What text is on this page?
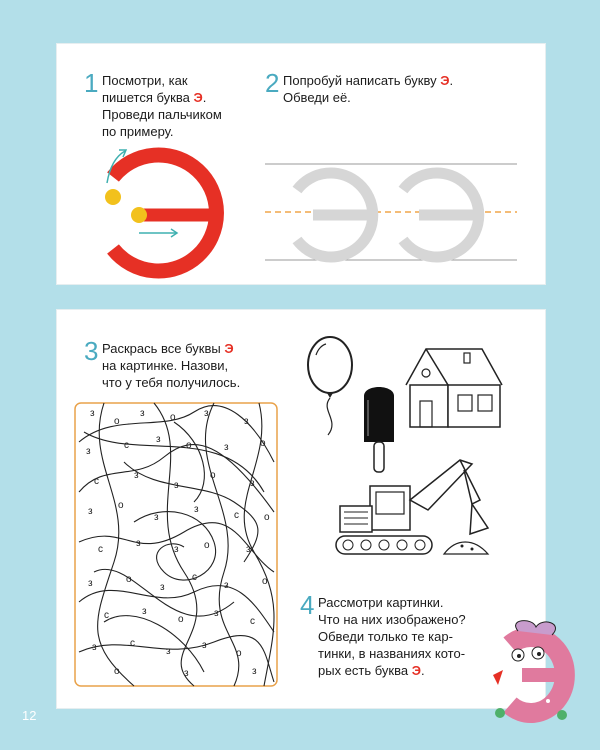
1 Посмотри, как
пишется буква Э.
Проведи пальчиком
по примеру.
2 Попробуй написать букву Э.
Обведи её.
3 Раскрась все буквы Э
на картинке. Назови,
что у тебя получилось.
з
о
з	о	з
з
з
с
з
о	з	о
с
з
з
о
з
з
о
з
з
с	о
с
з
з	о	з
з	о
з
с
з	о
с	з
о
з
с
з	с
з
з
о
о	з	з
4 Рассмотри картинки.
Что на них изображено?
Обведи только те кар-
тинки, в названиях кото-
рых есть буква Э.
12
